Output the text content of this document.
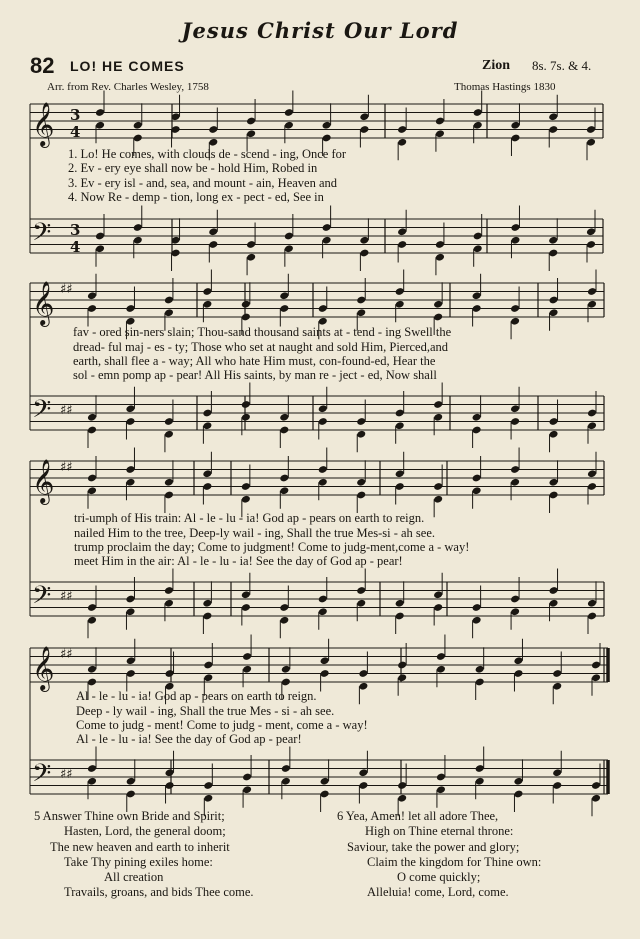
Jesus Christ Our Lord
82 LO! HE COMES	Zion 8s. 7s. & 4.
Arr. from Rev. Charles Wesley, 1758	Thomas Hastings 1830
𝄞 3
4
𝄢 3
4
𝄞 ♯♯
𝄢 ♯♯
𝄞 ♯♯
𝄢 ♯♯
𝄞 ♯♯
𝄢 ♯♯
1. Lo! He comes, with clouds de - scend - ing, Once for
2. Ev - ery eye shall now be - hold Him, Robed in
3. Ev - ery isl - and, sea, and mount - ain, Heaven and
4. Now Re - demp - tion, long ex - pect - ed, See in
fav - ored sin-ners slain; Thou-sand thousand saints at - tend - ing Swell the
dread- ful maj - es - ty; Those who set at naught and sold Him, Pierced,and
earth, shall flee a - way; All who hate Him must, con-found-ed, Hear the
sol - emn pomp ap - pear! All His saints, by man re - ject - ed, Now shall
tri-umph of His train: Al - le - lu - ia! God ap - pears on earth to reign.
nailed Him to the tree, Deep-ly wail - ing, Shall the true Mes-si - ah see.
trump proclaim the day; Come to judgment! Come to judg-ment,come a - way!
meet Him in the air: Al - le - lu - ia! See the day of God ap - pear!
Al - le - lu - ia! God ap - pears on earth to reign.
Deep - ly wail - ing, Shall the true Mes - si - ah see.
Come to judg - ment! Come to judg - ment, come a - way!
Al - le - lu - ia! See the day of God ap - pear!
5 Answer Thine own Bride and Spirit;
Hasten, Lord, the general doom;
The new heaven and earth to inherit
Take Thy pining exiles home:
All creation
Travails, groans, and bids Thee come.
6 Yea, Amen! let all adore Thee,
High on Thine eternal throne:
Saviour, take the power and glory;
Claim the kingdom for Thine own:
O come quickly;
Alleluia! come, Lord, come.
